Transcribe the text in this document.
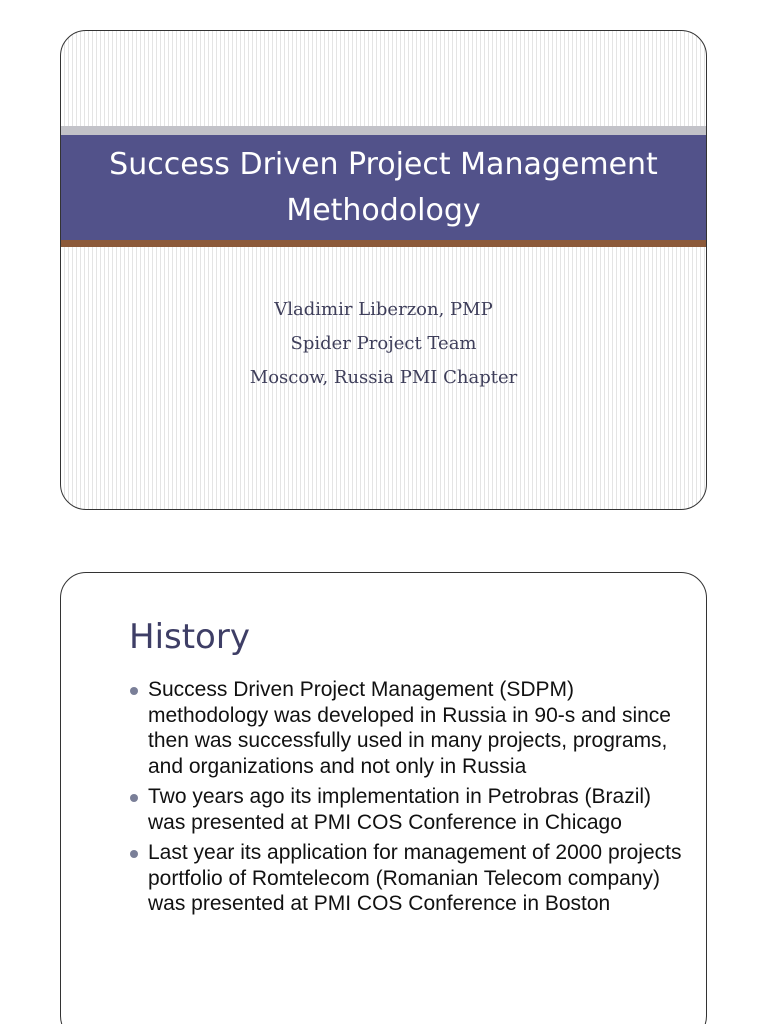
Success Driven Project Management Methodology
Vladimir Liberzon, PMP
Spider Project Team
Moscow, Russia PMI Chapter
History
Success Driven Project Management (SDPM) methodology was developed in Russia in 90-s and since then was successfully used in many projects, programs, and organizations and not only in Russia
Two years ago its implementation in Petrobras (Brazil) was presented at PMI COS Conference in Chicago
Last year its application for management of 2000 projects portfolio of Romtelecom (Romanian Telecom company) was presented at PMI COS Conference in Boston
